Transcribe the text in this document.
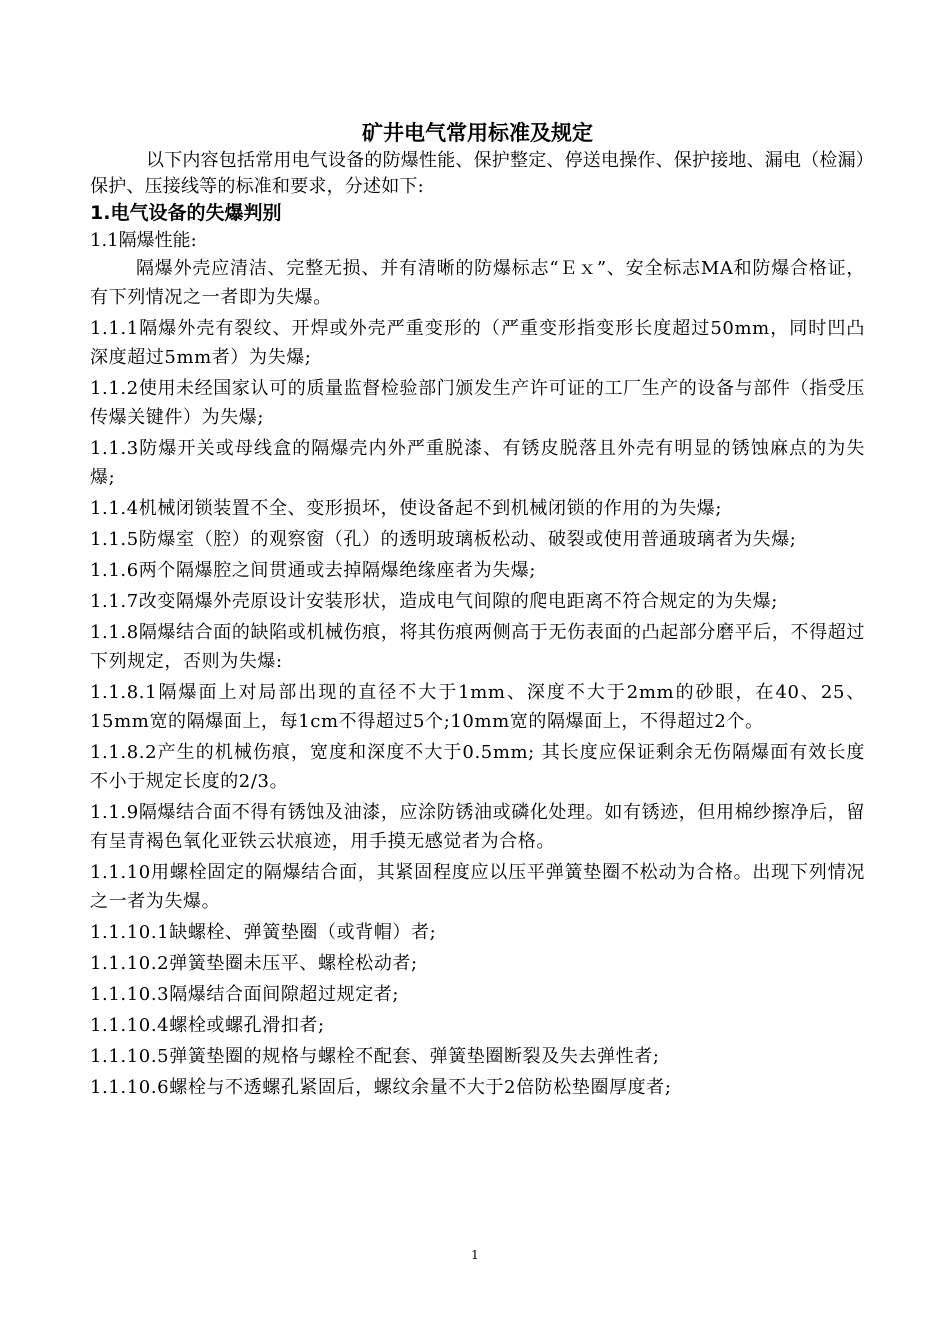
矿井电气常用标准及规定

以下内容包括常用电气设备的防爆性能、保护整定、停送电操作、保护接地、漏电（检漏）保护、压接线等的标准和要求，分述如下:

1.电气设备的失爆判别

1.1隔爆性能:

隔爆外壳应清洁、完整无损、并有清晰的防爆标志“Ｅｘ”、安全标志MA和防爆合格证，有下列情况之一者即为失爆。

1.1.1隔爆外壳有裂纹、开焊或外壳严重变形的（严重变形指变形长度超过50mm，同时凹凸深度超过5mm者）为失爆;

1.1.2使用未经国家认可的质量监督检验部门颁发生产许可证的工厂生产的设备与部件（指受压传爆关键件）为失爆;

1.1.3防爆开关或母线盒的隔爆壳内外严重脱漆、有锈皮脱落且外壳有明显的锈蚀麻点的为失爆;

1.1.4机械闭锁装置不全、变形损坏，使设备起不到机械闭锁的作用的为失爆;

1.1.5防爆室（腔）的观察窗（孔）的透明玻璃板松动、破裂或使用普通玻璃者为失爆;

1.1.6两个隔爆腔之间贯通或去掉隔爆绝缘座者为失爆;

1.1.7改变隔爆外壳原设计安装形状，造成电气间隙的爬电距离不符合规定的为失爆;

1.1.8隔爆结合面的缺陷或机械伤痕，将其伤痕两侧高于无伤表面的凸起部分磨平后，不得超过下列规定，否则为失爆:

1.1.8.1隔爆面上对局部出现的直径不大于1mm、深度不大于2mm的砂眼，在40、25、15mm宽的隔爆面上，每1cm不得超过5个;10mm宽的隔爆面上，不得超过2个。

1.1.8.2产生的机械伤痕，宽度和深度不大于0.5mm; 其长度应保证剩余无伤隔爆面有效长度不小于规定长度的2/3。

1.1.9隔爆结合面不得有锈蚀及油漆，应涂防锈油或磷化处理。如有锈迹，但用棉纱擦净后，留有呈青褐色氧化亚铁云状痕迹，用手摸无感觉者为合格。

1.1.10用螺栓固定的隔爆结合面，其紧固程度应以压平弹簧垫圈不松动为合格。出现下列情况之一者为失爆。

1.1.10.1缺螺栓、弹簧垫圈（或背帽）者;

1.1.10.2弹簧垫圈未压平、螺栓松动者;

1.1.10.3隔爆结合面间隙超过规定者;

1.1.10.4螺栓或螺孔滑扣者;

1.1.10.5弹簧垫圈的规格与螺栓不配套、弹簧垫圈断裂及失去弹性者;

1.1.10.6螺栓与不透螺孔紧固后，螺纹余量不大于2倍防松垫圈厚度者;

1
